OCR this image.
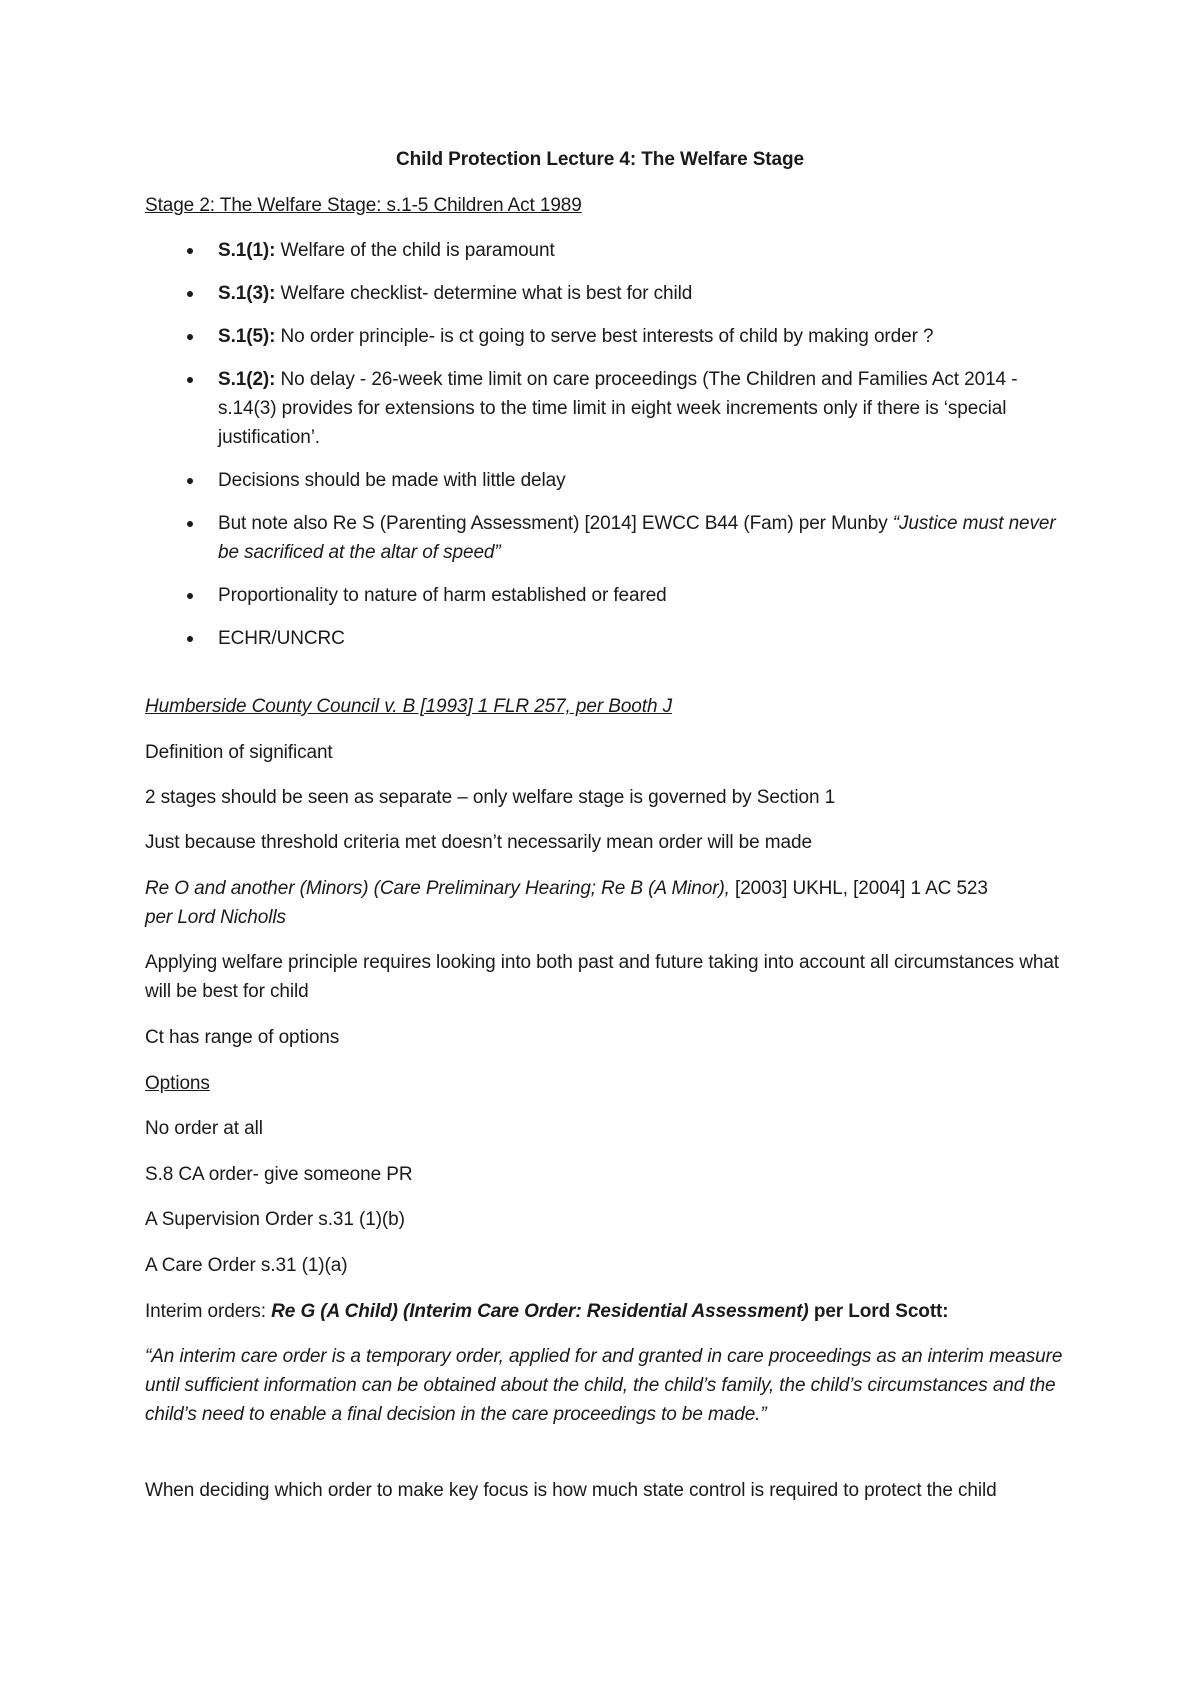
Child Protection Lecture 4: The Welfare Stage

Stage 2: The Welfare Stage: s.1-5 Children Act 1989

S.1(1): Welfare of the child is paramount
S.1(3): Welfare checklist- determine what is best for child
S.1(5): No order principle- is ct going to serve best interests of child by making order ?
S.1(2): No delay - 26-week time limit on care proceedings (The Children and Families Act 2014 - s.14(3) provides for extensions to the time limit in eight week increments only if there is ‘special justification’.
Decisions should be made with little delay
But note also Re S (Parenting Assessment) [2014] EWCC B44 (Fam) per Munby “Justice must never be sacrificed at the altar of speed”
Proportionality to nature of harm established or feared
ECHR/UNCRC

Humberside County Council v. B [1993] 1 FLR 257, per Booth J

Definition of significant

2 stages should be seen as separate – only welfare stage is governed by Section 1

Just because threshold criteria met doesn’t necessarily mean order will be made

Re O and another (Minors) (Care Preliminary Hearing; Re B (A Minor), [2003] UKHL, [2004] 1 AC 523
per Lord Nicholls

Applying welfare principle requires looking into both past and future taking into account all circumstances what will be best for child

Ct has range of options

Options

No order at all

S.8 CA order- give someone PR

A Supervision Order s.31 (1)(b)

A Care Order s.31 (1)(a)

Interim orders: Re G (A Child) (Interim Care Order: Residential Assessment) per Lord Scott:

“An interim care order is a temporary order, applied for and granted in care proceedings as an interim measure until sufficient information can be obtained about the child, the child’s family, the child’s circumstances and the child’s need to enable a final decision in the care proceedings to be made.”

When deciding which order to make key focus is how much state control is required to protect the child
